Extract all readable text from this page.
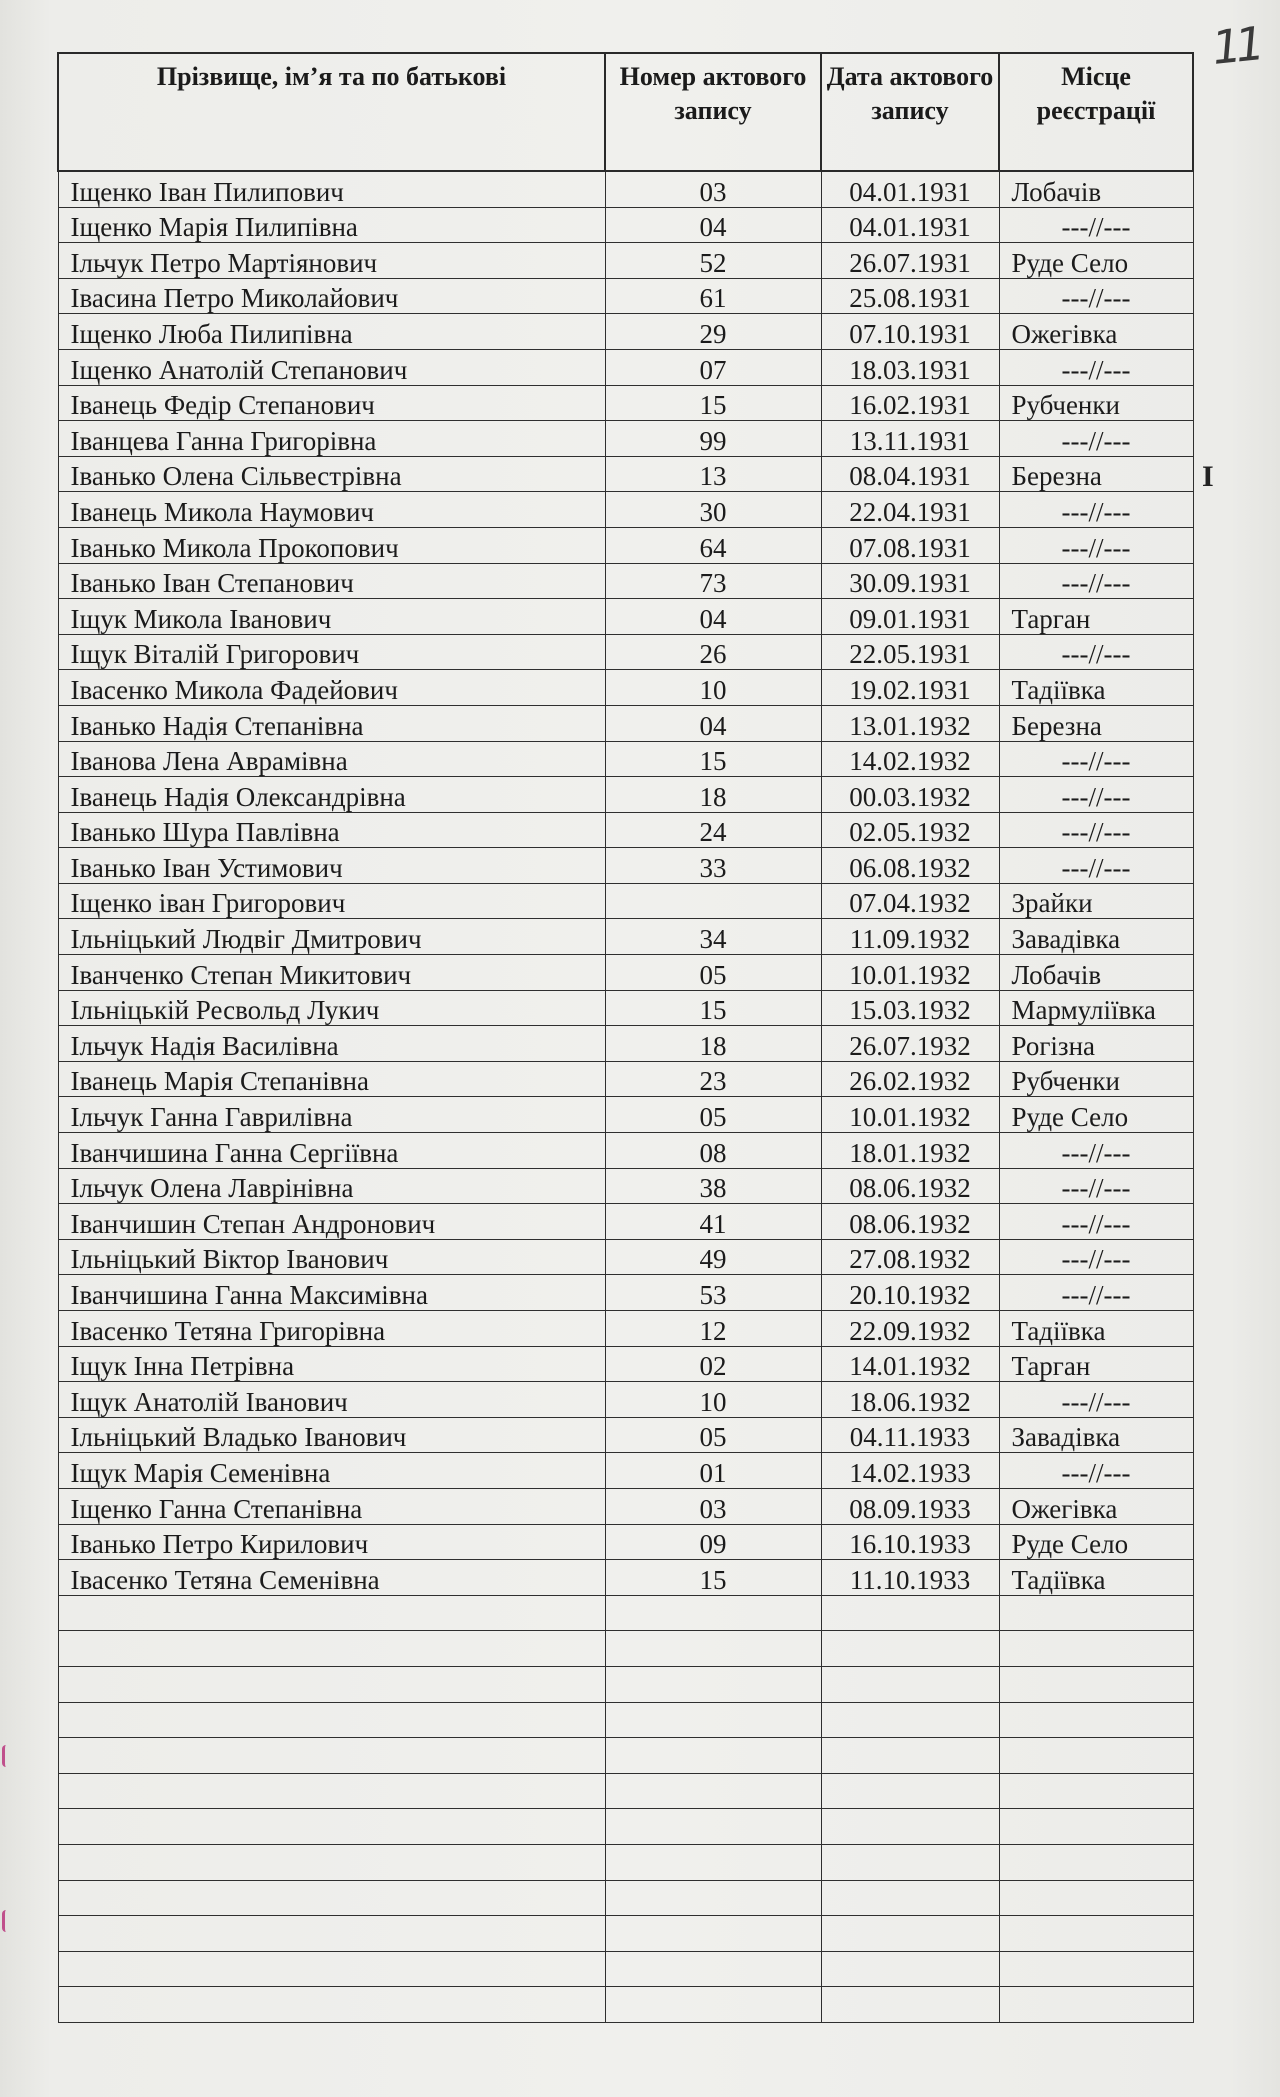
11
I
Прізвище, ім’я та по батькові	Номер актового запису	Дата актового запису	Місце реєстрації

Іщенко Іван Пилипович	03	04.01.1931	Лобачів
Іщенко Марія Пилипівна	04	04.01.1931	---//---
Ільчук Петро Мартіянович	52	26.07.1931	Руде Село
Івасина Петро Миколайович	61	25.08.1931	---//---
Іщенко Люба Пилипівна	29	07.10.1931	Ожегівка
Іщенко Анатолій Степанович	07	18.03.1931	---//---
Іванець Федір Степанович	15	16.02.1931	Рубченки
Іванцева Ганна Григорівна	99	13.11.1931	---//---
Іванько Олена Сільвестрівна	13	08.04.1931	Березна
Іванець Микола Наумович	30	22.04.1931	---//---
Іванько Микола Прокопович	64	07.08.1931	---//---
Іванько Іван Степанович	73	30.09.1931	---//---
Іщук Микола Іванович	04	09.01.1931	Тарган
Іщук Віталій Григорович	26	22.05.1931	---//---
Івасенко Микола Фадейович	10	19.02.1931	Тадіївка
Іванько Надія Степанівна	04	13.01.1932	Березна
Іванова Лена Аврамівна	15	14.02.1932	---//---
Іванець Надія Олександрівна	18	00.03.1932	---//---
Іванько Шура Павлівна	24	02.05.1932	---//---
Іванько Іван Устимович	33	06.08.1932	---//---
Іщенко іван Григорович		07.04.1932	Зрайки
Ільніцький Людвіг Дмитрович	34	11.09.1932	Завадівка
Іванченко Степан Микитович	05	10.01.1932	Лобачів
Ільніцькій Ресвольд Лукич	15	15.03.1932	Мармуліївка
Ільчук Надія Василівна	18	26.07.1932	Рогізна
Іванець Марія Степанівна	23	26.02.1932	Рубченки
Ільчук Ганна Гаврилівна	05	10.01.1932	Руде Село
Іванчишина Ганна Сергіївна	08	18.01.1932	---//---
Ільчук Олена Лаврінівна	38	08.06.1932	---//---
Іванчишин Степан Андронович	41	08.06.1932	---//---
Ільніцький Віктор Іванович	49	27.08.1932	---//---
Іванчишина Ганна Максимівна	53	20.10.1932	---//---
Івасенко Тетяна Григорівна	12	22.09.1932	Тадіївка
Іщук Інна Петрівна	02	14.01.1932	Тарган
Іщук Анатолій Іванович	10	18.06.1932	---//---
Ільніцький Владько Іванович	05	04.11.1933	Завадівка
Іщук Марія Семенівна	01	14.02.1933	---//---
Іщенко Ганна Степанівна	03	08.09.1933	Ожегівка
Іванько Петро Кирилович	09	16.10.1933	Руде Село
Івасенко Тетяна Семенівна	15	11.10.1933	Тадіївка
